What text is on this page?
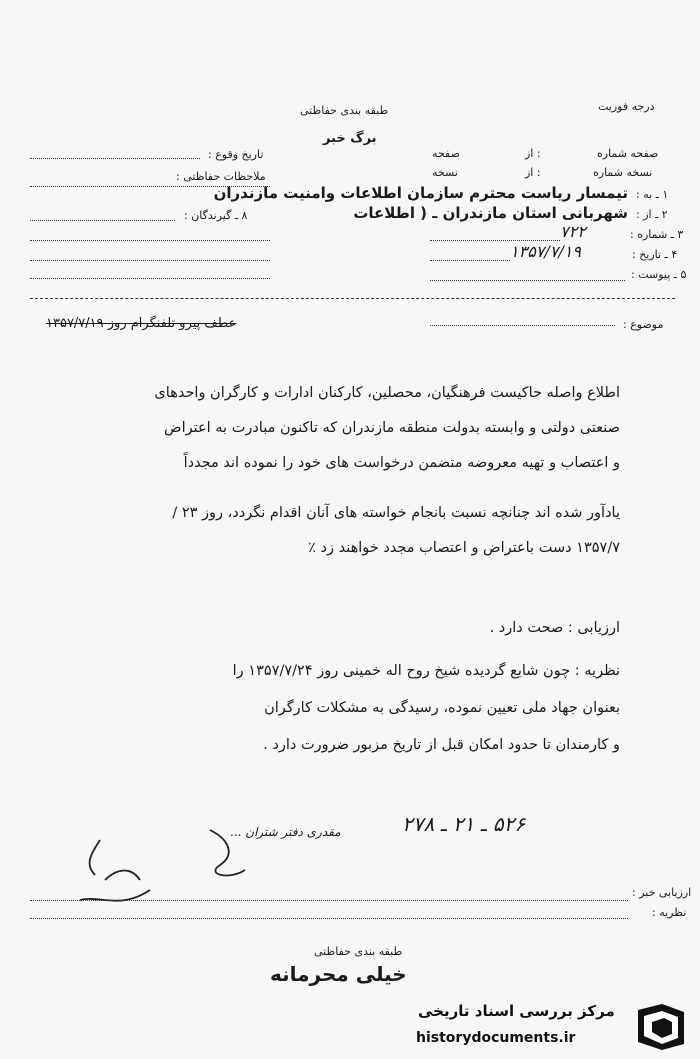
طبقه بندی حفاظتی
برگ خبر
درجه فوریت
تاریخ وقوع :
ملاحظات حفاظتی :
۸ ـ گیرندگان :
صفحه شماره
: از
صفحه
نسخه شماره
: از
نسخه
۱ ـ به :
تیمسار ریاست محترم سازمان اطلاعات وامنیت مازندران
۲ ـ از :
شهربانی استان مازندران ـ ( اطلاعات
۳ ـ شماره :
۷۲۲
۴ ـ تاریخ :
۱۳۵۷/۷/۱۹
۵ ـ پیوست :
موضوع :
عطف پیرو تلفنگرام روز ۱۳۵۷/۷/۱۹
اطلاع واصله حاکیست فرهنگیان، محصلین، کارکنان ادارات و کارگران واحدهای
صنعتی دولتی و وابسته بدولت منطقه مازندران که تاکنون مبادرت به اعتراض
و اعتصاب و تهیه معروضه متضمن درخواست های خود را نموده اند مجدداً
یادآور شده اند چنانچه نسبت بانجام خواسته های آنان اقدام نگردد، روز ۲۳ /
۱۳۵۷/۷ دست باعتراض و اعتصاب مجدد خواهند زد ٪
ارزیابی : صحت دارد .
نظریه : چون شایع گردیده شیخ روح اله خمینی روز ۱۳۵۷/۷/۲۴ را
بعنوان جهاد ملی تعیین نموده، رسیدگی به مشکلات کارگران
و کارمندان تا حدود امکان قبل از تاریخ مزبور ضرورت دارد .
۵۲۶ ـ ۲۱ ـ ۲۷۸
مقدری دفتر شتران ...
ارزیابی خبر :
نظریه :
طبقه بندی حفاظتی
خیلی محرمانه
مرکز بررسی اسناد تاریخی
historydocuments.ir
